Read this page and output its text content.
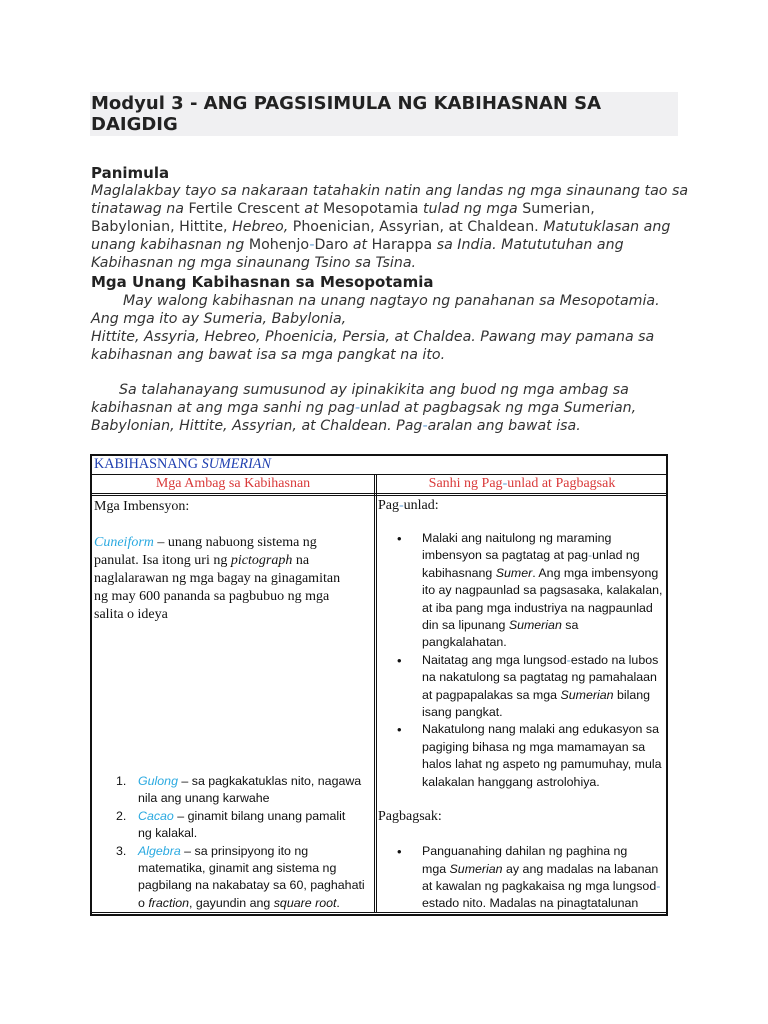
Modyul 3 - ANG PAGSISIMULA NG KABIHASNAN SA DAIGDIG
Panimula
Maglalakbay tayo sa nakaraan tatahakin natin ang landas ng mga sinaunang tao sa
tinatawag na Fertile Crescent at Mesopotamia tulad ng mga Sumerian,
Babylonian, Hittite, Hebreo, Phoenician, Assyrian, at Chaldean. Matutuklasan ang
unang kabihasnan ng Mohenjo-Daro at Harappa sa India. Matututuhan ang
Kabihasnan ng mga sinaunang Tsino sa Tsina.
Mga Unang Kabihasnan sa Mesopotamia
May walong kabihasnan na unang nagtayo ng panahanan sa Mesopotamia.
Ang mga ito ay Sumeria, Babylonia,
Hittite, Assyria, Hebreo, Phoenicia, Persia, at Chaldea. Pawang may pamana sa
kabihasnan ang bawat isa sa mga pangkat na ito.
Sa talahanayang sumusunod ay ipinakikita ang buod ng mga ambag sa
kabihasnan at ang mga sanhi ng pag-unlad at pagbagsak ng mga Sumerian,
Babylonian, Hittite, Assyrian, at Chaldean. Pag-aralan ang bawat isa.
KABIHASNANG SUMERIAN
Mga Ambag sa Kabihasnan	Sanhi ng Pag-unlad at Pagbagsak

Mga Imbensyon:

Cuneiform – unang nabuong sistema ng

panulat. Isa itong uri ng pictograph na

naglalarawan ng mga bagay na ginagamitan

ng may 600 pananda sa pagbubuo ng mga

salita o ideya

1. Gulong – sa pagkakatuklas nito, nagawa
nila ang unang karwahe
2. Cacao – ginamit bilang unang pamalit
ng kalakal.
3. Algebra – sa prinsipyong ito ng
matematika, ginamit ang sistema ng
pagbilang na nakabatay sa 60, paghahati
o fraction, gayundin ang square root.

Pag-unlad:

• Malaki ang naitulong ng maraming
imbensyon sa pagtatag at pag-unlad ng
kabihasnang Sumer. Ang mga imbensyong
ito ay nagpaunlad sa pagsasaka, kalakalan,
at iba pang mga industriya na nagpaunlad
din sa lipunang Sumerian sa
pangkalahatan.
• Naitatag ang mga lungsod-estado na lubos
na nakatulong sa pagtatag ng pamahalaan
at pagpapalakas sa mga Sumerian bilang
isang pangkat.
• Nakatulong nang malaki ang edukasyon sa
pagiging bihasa ng mga mamamayan sa
halos lahat ng aspeto ng pamumuhay, mula
kalakalan hanggang astrolohiya.

Pagbagsak:

• Panguanahing dahilan ng paghina ng
mga Sumerian ay ang madalas na labanan
at kawalan ng pagkakaisa ng mga lungsod-
estado nito. Madalas na pinagtatalunan
